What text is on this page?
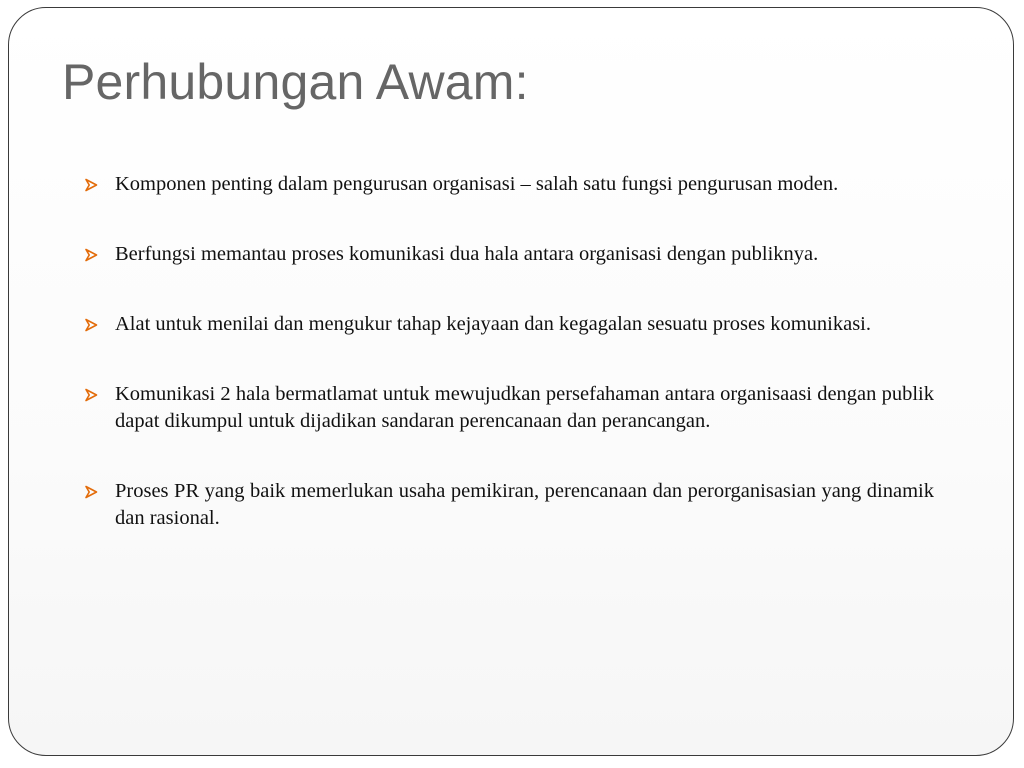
Perhubungan Awam:
Komponen penting dalam pengurusan organisasi – salah satu fungsi pengurusan moden.
Berfungsi memantau proses komunikasi dua hala antara organisasi dengan publiknya.
Alat untuk menilai dan mengukur tahap kejayaan dan kegagalan sesuatu proses komunikasi.
Komunikasi 2 hala bermatlamat untuk mewujudkan persefahaman antara organisaasi dengan publik dapat dikumpul untuk dijadikan sandaran perencanaan dan perancangan.
Proses PR yang baik memerlukan usaha pemikiran, perencanaan dan perorganisasian yang dinamik dan rasional.
